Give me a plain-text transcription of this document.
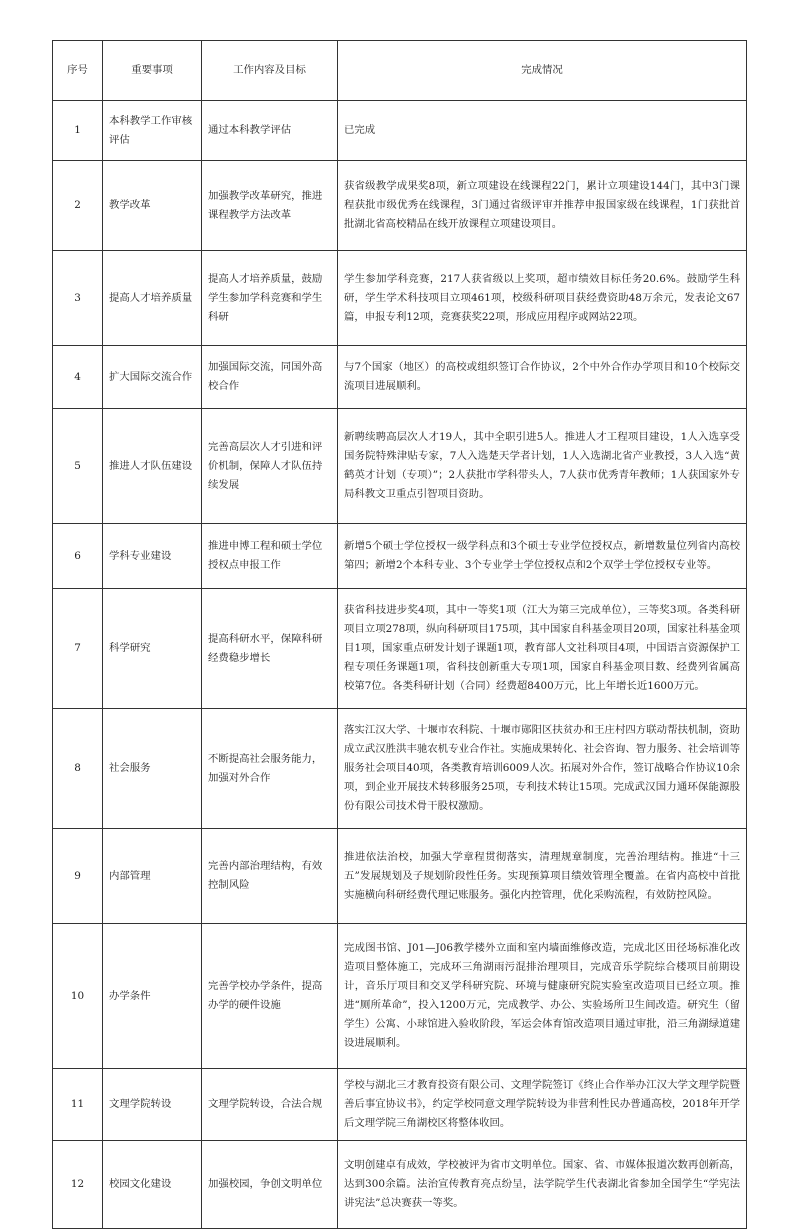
序号	重要事项	工作内容及目标	完成情况
1	本科教学工作审核评估	通过本科教学评估	已完成
2	教学改革	加强教学改革研究，推进课程教学方法改革	获省级教学成果奖8项，新立项建设在线课程22门，累计立项建设144门，其中3门课程获批市级优秀在线课程，3门通过省级评审并推荐申报国家级在线课程，1门获批首批湖北省高校精品在线开放课程立项建设项目。
3	提高人才培养质量	提高人才培养质量，鼓励学生参加学科竞赛和学生科研	学生参加学科竞赛，217人获省级以上奖项，超市绩效目标任务20.6%。鼓励学生科研，学生学术科技项目立项461项，校级科研项目获经费资助48万余元，发表论文67篇，申报专利12项，竞赛获奖22项，形成应用程序或网站22项。
4	扩大国际交流合作	加强国际交流，同国外高校合作	与7个国家（地区）的高校或组织签订合作协议，2个中外合作办学项目和10个校际交流项目进展顺利。
5	推进人才队伍建设	完善高层次人才引进和评价机制，保障人才队伍持续发展	新聘续聘高层次人才19人，其中全职引进5人。推进人才工程项目建设，1人入选享受国务院特殊津贴专家，7人入选楚天学者计划，1人入选湖北省产业教授，3人入选“黄鹤英才计划（专项）”；2人获批市学科带头人，7人获市优秀青年教师；1人获国家外专局科教文卫重点引智项目资助。
6	学科专业建设	推进申博工程和硕士学位授权点申报工作	新增5个硕士学位授权一级学科点和3个硕士专业学位授权点，新增数量位列省内高校第四；新增2个本科专业、3个专业学士学位授权点和2个双学士学位授权专业等。
7	科学研究	提高科研水平，保障科研经费稳步增长	获省科技进步奖4项，其中一等奖1项（江大为第三完成单位），三等奖3项。各类科研项目立项278项，纵向科研项目175项，其中国家自科基金项目20项，国家社科基金项目1项，国家重点研发计划子课题1项，教育部人文社科项目4项，中国语言资源保护工程专项任务课题1项，省科技创新重大专项1项，国家自科基金项目数、经费列省属高校第7位。各类科研计划（合同）经费超8400万元，比上年增长近1600万元。
8	社会服务	不断提高社会服务能力，加强对外合作	落实江汉大学、十堰市农科院、十堰市郧阳区扶贫办和王庄村四方联动帮扶机制，资助成立武汉胜洪丰驰农机专业合作社。实施成果转化、社会咨询、智力服务、社会培训等服务社会项目40项，各类教育培训6009人次。拓展对外合作，签订战略合作协议10余项，到企业开展技术转移服务25项，专利技术转让15项。完成武汉国力通环保能源股份有限公司技术骨干股权激励。
9	内部管理	完善内部治理结构，有效控制风险	推进依法治校，加强大学章程贯彻落实，清理规章制度，完善治理结构。推进“十三五”发展规划及子规划阶段性任务。实现预算项目绩效管理全覆盖。在省内高校中首批实施横向科研经费代理记账服务。强化内控管理，优化采购流程，有效防控风险。
10	办学条件	完善学校办学条件，提高办学的硬件设施	完成图书馆、J01—J06教学楼外立面和室内墙面维修改造，完成北区田径场标准化改造项目整体施工，完成环三角湖雨污混排治理项目，完成音乐学院综合楼项目前期设计，音乐厅项目和交叉学科研究院、环境与健康研究院实验室改造项目已经立项。推进“厕所革命”，投入1200万元，完成教学、办公、实验场所卫生间改造。研究生（留学生）公寓、小球馆进入验收阶段，军运会体育馆改造项目通过审批，沿三角湖绿道建设进展顺利。
11	文理学院转设	文理学院转设，合法合规	学校与湖北三才教育投资有限公司、文理学院签订《终止合作举办江汉大学文理学院暨善后事宜协议书》，约定学校同意文理学院转设为非营利性民办普通高校，2018年开学后文理学院三角湖校区将整体收回。
12	校园文化建设	加强校园，争创文明单位	文明创建卓有成效，学校被评为省市文明单位。国家、省、市媒体报道次数再创新高，达到300余篇。法治宣传教育亮点纷呈，法学院学生代表湖北省参加全国学生“学宪法讲宪法”总决赛获一等奖。
